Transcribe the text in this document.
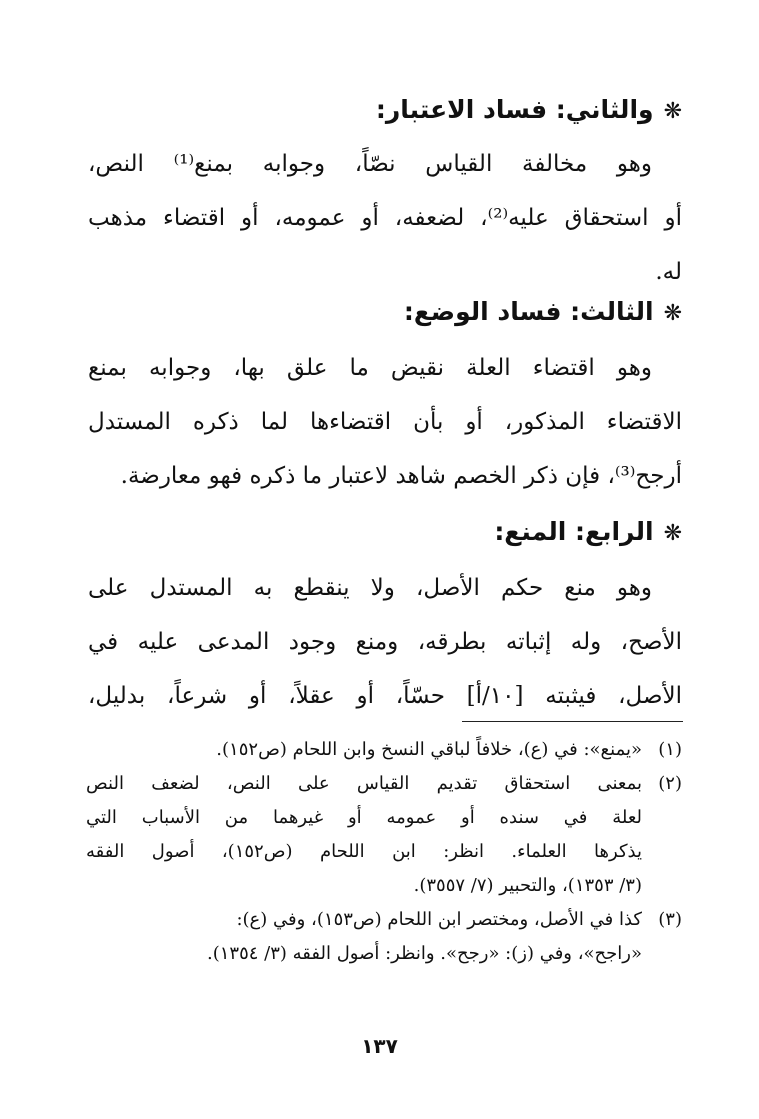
❋والثاني: فساد الاعتبار:
وهو مخالفة القياس نصّاً، وجوابه بمنع⁽¹⁾ النص،
أو استحقاق عليه⁽²⁾، لضعفه، أو عمومه، أو اقتضاء مذهب
له.
❋الثالث: فساد الوضع:
وهو اقتضاء العلة نقيض ما علق بها، وجوابه بمنع
الاقتضاء المذكور، أو بأن اقتضاءها لما ذكره المستدل
أرجح⁽³⁾، فإن ذكر الخصم شاهد لاعتبار ما ذكره فهو معارضة.
❋الرابع: المنع:
وهو منع حكم الأصل، ولا ينقطع به المستدل على
الأصح، وله إثباته بطرقه، ومنع وجود المدعى عليه في
الأصل، فيثبته [١٠/أ] حسّاً، أو عقلاً، أو شرعاً، بدليل،
(١)«يمنع»: في (ع)، خلافاً لباقي النسخ وابن اللحام (ص١٥٢).
(٢)بمعنى استحقاق تقديم القياس على النص، لضعف النص
لعلة في سنده أو عمومه أو غيرهما من الأسباب التي
يذكرها العلماء. انظر: ابن اللحام (ص١٥٢)، أصول الفقه
(٣/ ١٣٥٣)، والتحبير (٧/ ٣٥٥٧).
(٣)كذا في الأصل، ومختصر ابن اللحام (ص١٥٣)، وفي (ع):
«راجح»، وفي (ز): «رجح». وانظر: أصول الفقه (٣/ ١٣٥٤).
١٣٧
